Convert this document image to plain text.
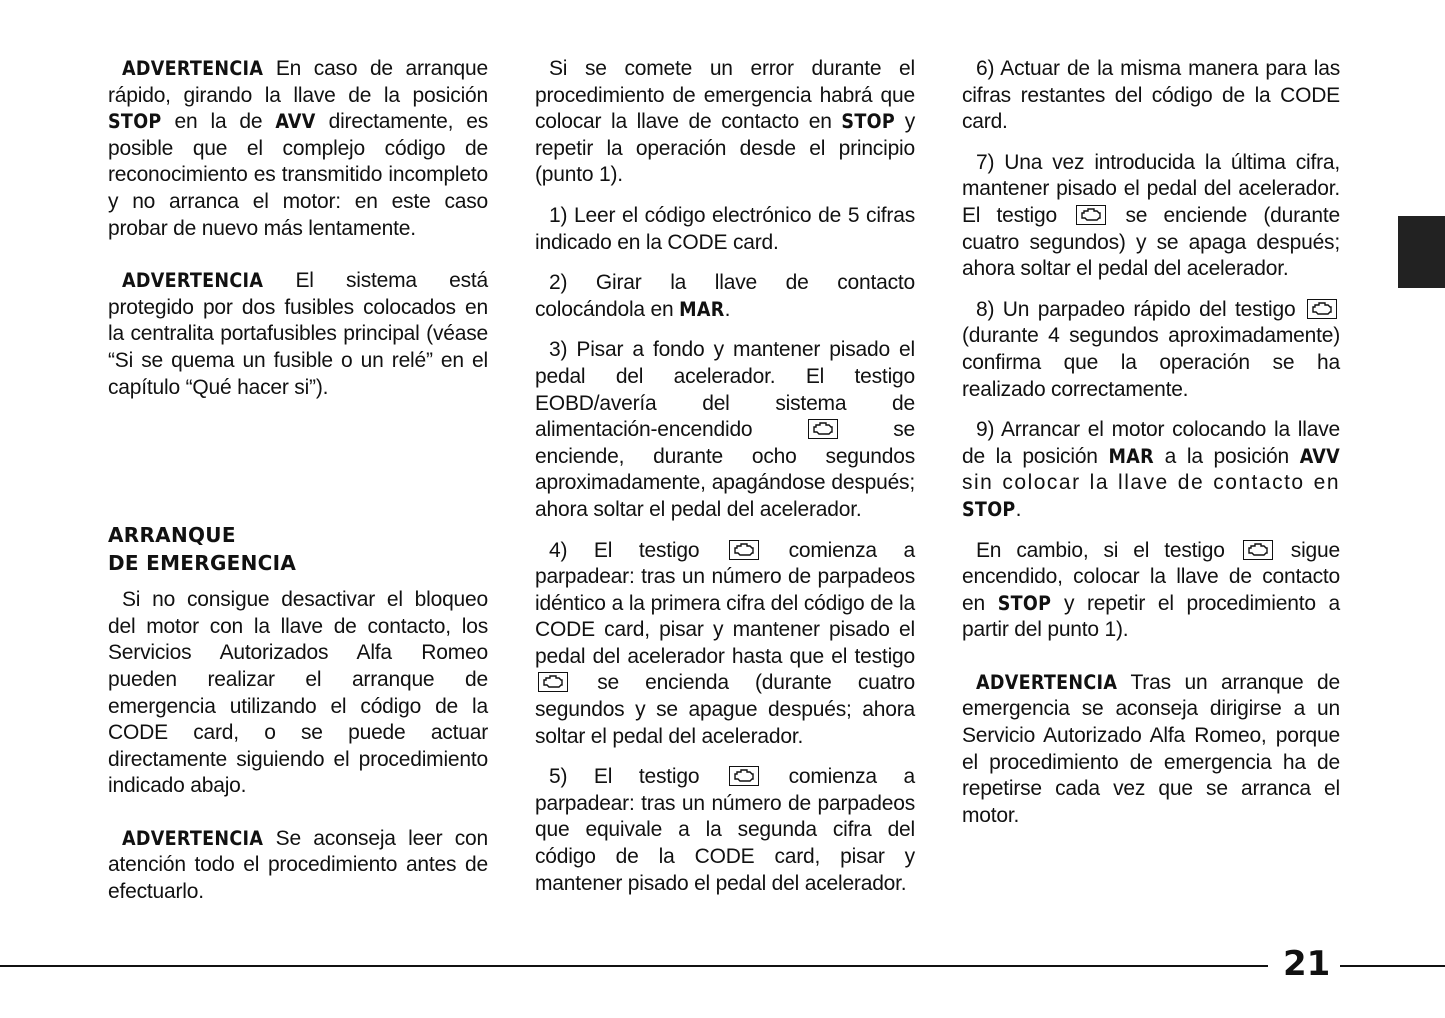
ADVERTENCIA En caso de arranque rápido, girando la llave de la posición STOP en la de AVV directamente, es posible que el complejo código de reconocimiento es transmitido incompleto y no arranca el motor: en este caso probar de nuevo más lentamente.

ADVERTENCIA El sistema está protegido por dos fusibles colocados en la centralita portafusibles principal (véase “Si se quema un fusible o un relé” en el capítulo “Qué hacer si”).

ARRANQUE
DE EMERGENCIA

Si no consigue desactivar el bloqueo del motor con la llave de contacto, los Servicios Autorizados Alfa Romeo pueden realizar el arranque de emergencia utilizando el código de la CODE card, o se puede actuar directamente siguiendo el procedimiento indicado abajo.

ADVERTENCIA Se aconseja leer con atención todo el procedimiento antes de efectuarlo.

Si se comete un error durante el procedimiento de emergencia habrá que colocar la llave de contacto en STOP y repetir la operación desde el principio (punto 1).

1) Leer el código electrónico de 5 cifras indicado en la CODE card.

2) Girar la llave de contacto colocándola en MAR.

3) Pisar a fondo y mantener pisado el pedal del acelerador. El testigo EOBD/avería del sistema de alimentación-encendido
se enciende, durante ocho segundos aproximadamente, apagándose después; ahora soltar el pedal del acelerador.

4) El testigo
comienza a parpadear: tras un número de parpadeos idéntico a la primera cifra del código de la CODE card, pisar y mantener pisado el pedal del acelerador hasta que el testigo
se encienda (durante cuatro segundos y se apague después; ahora soltar el pedal del acelerador.

5) El testigo
comienza a parpadear: tras un número de parpadeos que equivale a la segunda cifra del código de la CODE card, pisar y mantener pisado el pedal del acelerador.

6) Actuar de la misma manera para las cifras restantes del código de la CODE card.

7) Una vez introducida la última cifra, mantener pisado el pedal del acelerador. El testigo
se enciende (durante cuatro segundos) y se apaga después; ahora soltar el pedal del acelerador.

8) Un parpadeo rápido del testigo
(durante 4 segundos aproximadamente) confirma que la operación se ha realizado correctamente.

9) Arrancar el motor colocando la llave de la posición MAR a la posición AVV sin colocar la llave de contacto en STOP.

En cambio, si el testigo
sigue encendido, colocar la llave de contacto en STOP y repetir el procedimiento a partir del punto 1).

ADVERTENCIA Tras un arranque de emergencia se aconseja dirigirse a un Servicio Autorizado Alfa Romeo, porque el procedimiento de emergencia ha de repetirse cada vez que se arranca el motor.

21
